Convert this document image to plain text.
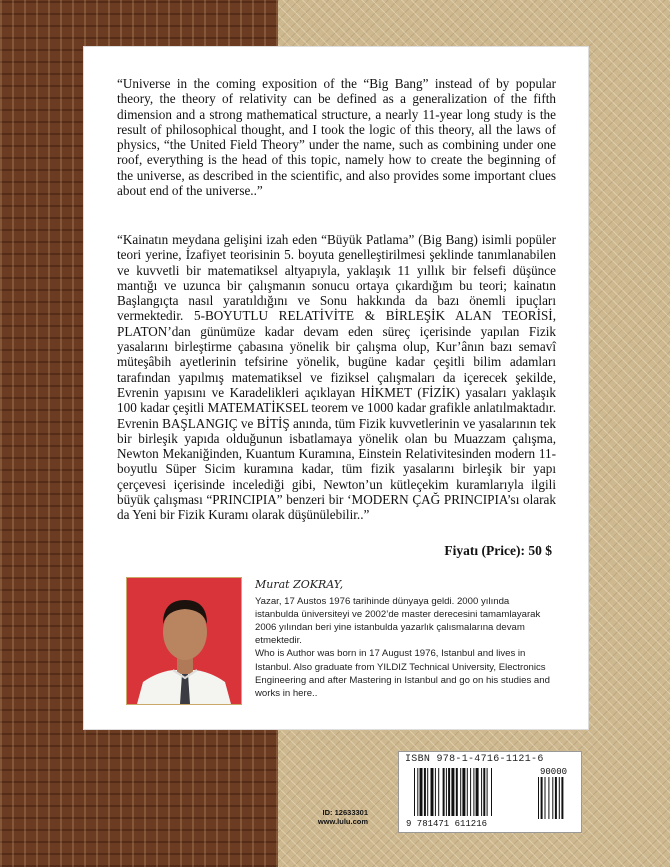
“Universe in the coming exposition of the “Big Bang” instead of by popular theory, the theory of relativity can be defined as a generalization of the fifth dimension and a strong mathematical structure, a nearly 11-year long study is the result of philosophical thought, and I took the logic of this theory, all the laws of physics, “the United Field Theory” under the name, such as combining under one roof, everything is the head of this topic, namely how to create the beginning of the universe, as described in the scientific, and also provides some important clues about end of the universe..”

“Kainatın meydana gelişini izah eden “Büyük Patlama” (Big Bang) isimli popüler teori yerine, İzafiyet teorisinin 5. boyuta genelleştirilmesi şeklinde tanımlanabilen ve kuvvetli bir matematiksel altyapıyla, yaklaşık 11 yıllık bir felsefi düşünce mantığı ve uzunca bir çalışmanın sonucu ortaya çıkardığım bu teori; kainatın Başlangıçta nasıl yaratıldığını ve Sonu hakkında da bazı önemli ipuçları vermektedir. 5-BOYUTLU RELATİVİTE & BİRLEŞİK ALAN TEORİSİ, PLATON’dan günümüze kadar devam eden süreç içerisinde yapılan Fizik yasalarını birleştirme çabasına yönelik bir çalışma olup, Kur’ânın bazı semavî müteşâbih ayetlerinin tefsirine yönelik, bugüne kadar çeşitli bilim adamları tarafından yapılmış matematiksel ve fiziksel çalışmaları da içerecek şekilde, Evrenin yapısını ve Karadelikleri açıklayan HİKMET (FİZİK) yasaları yaklaşık 100 kadar çeşitli MATEMATİKSEL teorem ve 1000 kadar grafikle anlatılmaktadır. Evrenin BAŞLANGIÇ ve BİTİŞ anında, tüm Fizik kuvvetlerinin ve yasalarının tek bir birleşik yapıda olduğunun isbatlamaya yönelik olan bu Muazzam çalışma, Newton Mekaniğinden, Kuantum Kuramına, Einstein Relativitesinden modern 11-boyutlu Süper Sicim kuramına kadar, tüm fizik yasalarını birleşik bir yapı çerçevesi içerisinde incelediği gibi, Newton’un kütleçekim kuramlarıyla ilgili büyük çalışması “PRINCIPIA” benzeri bir ‘MODERN ÇAĞ PRINCIPIA’sı olarak da Yeni bir Fizik Kuramı olarak düşünülebilir..”

Fiyatı (Price): 50 $
Murat ZOKRAY,

Yazar, 17 Austos 1976 tarihinde dünyaya geldi. 2000 yılında istanbulda üniversiteyi ve 2002’de master derecesini tamamlayarak 2006 yılından beri yine istanbulda yazarlık çalısmalarına devam etmektedir.

Who is Author was born in 17 August 1976, Istanbul and lives in Istanbul. Also graduate from YILDIZ Technical University, Electronics Engineering and after Mastering in Istanbul and go on his studies and works in here..

ID: 12633301
www.lulu.com
ISBN 978-1-4716-1121-6
9 781471 611216
90000
